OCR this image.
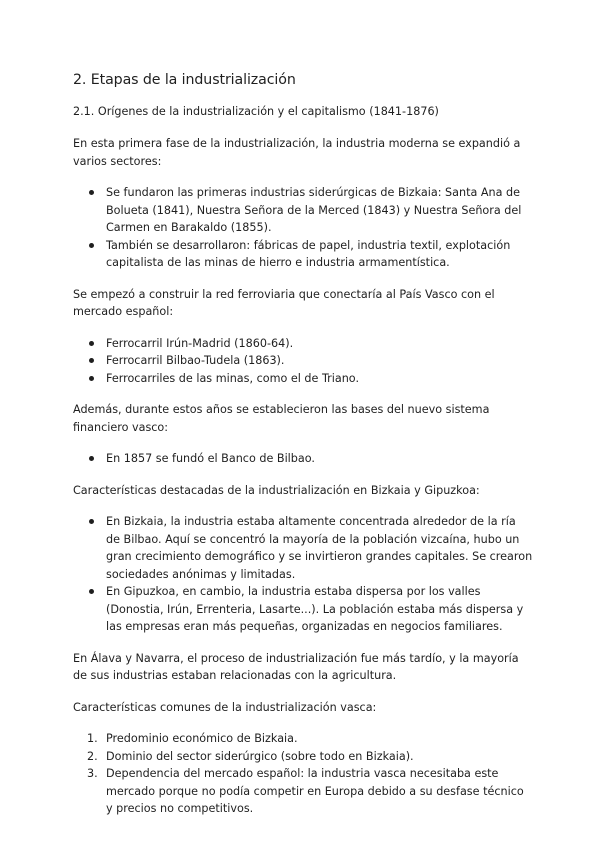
2. Etapas de la industrialización
2.1. Orígenes de la industrialización y el capitalismo (1841-1876)

En esta primera fase de la industrialización, la industria moderna se expandió a varios sectores:

Se fundaron las primeras industrias siderúrgicas de Bizkaia: Santa Ana de Bolueta (1841), Nuestra Señora de la Merced (1843) y Nuestra Señora del Carmen en Barakaldo (1855).
También se desarrollaron: fábricas de papel, industria textil, explotación capitalista de las minas de hierro e industria armamentística.

Se empezó a construir la red ferroviaria que conectaría al País Vasco con el mercado español:

Ferrocarril Irún-Madrid (1860-64).
Ferrocarril Bilbao-Tudela (1863).
Ferrocarriles de las minas, como el de Triano.

Además, durante estos años se establecieron las bases del nuevo sistema financiero vasco:

En 1857 se fundó el Banco de Bilbao.

Características destacadas de la industrialización en Bizkaia y Gipuzkoa:

En Bizkaia, la industria estaba altamente concentrada alrededor de la ría de Bilbao. Aquí se concentró la mayoría de la población vizcaína, hubo un gran crecimiento demográfico y se invirtieron grandes capitales. Se crearon sociedades anónimas y limitadas.
En Gipuzkoa, en cambio, la industria estaba dispersa por los valles (Donostia, Irún, Errenteria, Lasarte...). La población estaba más dispersa y las empresas eran más pequeñas, organizadas en negocios familiares.

En Álava y Navarra, el proceso de industrialización fue más tardío, y la mayoría de sus industrias estaban relacionadas con la agricultura.

Características comunes de la industrialización vasca:

1. Predominio económico de Bizkaia.
2. Dominio del sector siderúrgico (sobre todo en Bizkaia).
3. Dependencia del mercado español: la industria vasca necesitaba este mercado porque no podía competir en Europa debido a su desfase técnico y precios no competitivos.
